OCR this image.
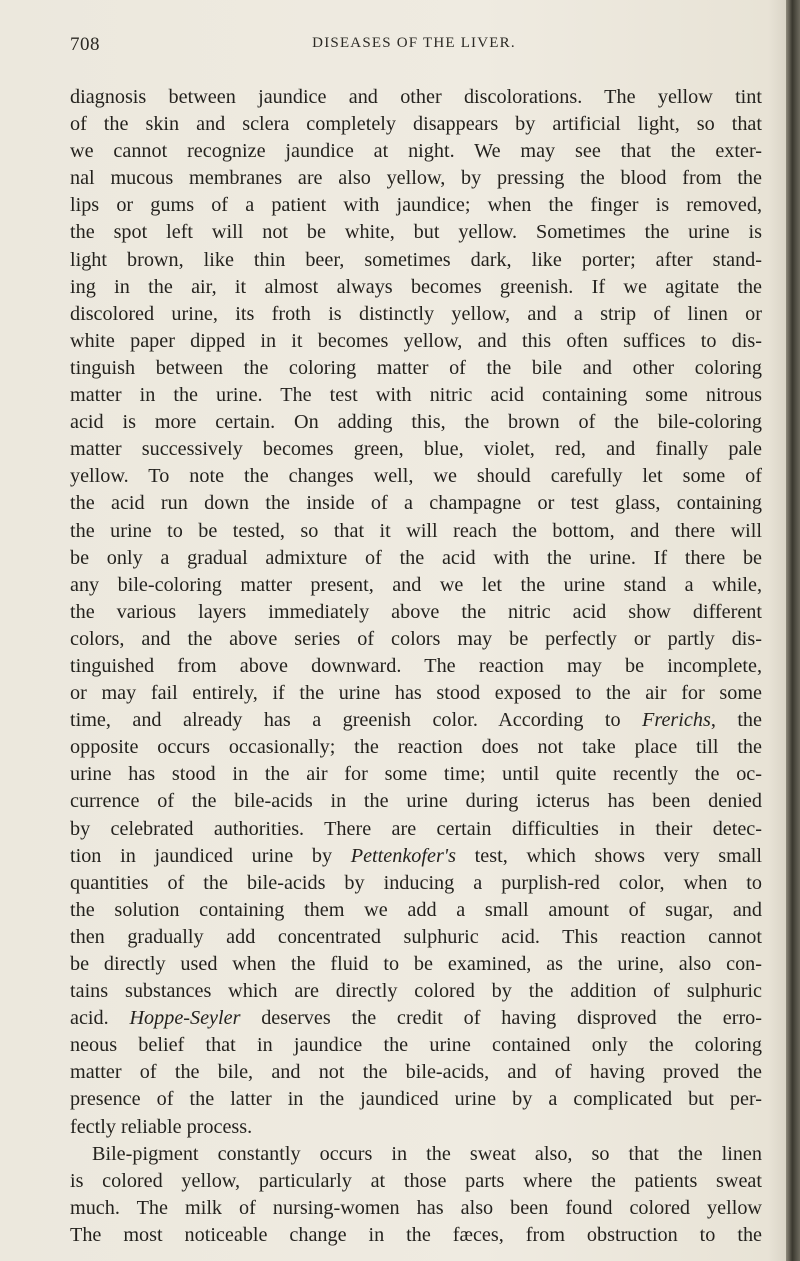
708	DISEASES OF THE LIVER.
diagnosis between jaundice and other discolorations. The yellow tint
of the skin and sclera completely disappears by artificial light, so that
we cannot recognize jaundice at night. We may see that the exter-
nal mucous membranes are also yellow, by pressing the blood from the
lips or gums of a patient with jaundice; when the finger is removed,
the spot left will not be white, but yellow. Sometimes the urine is
light brown, like thin beer, sometimes dark, like porter; after stand-
ing in the air, it almost always becomes greenish. If we agitate the
discolored urine, its froth is distinctly yellow, and a strip of linen or
white paper dipped in it becomes yellow, and this often suffices to dis-
tinguish between the coloring matter of the bile and other coloring
matter in the urine. The test with nitric acid containing some nitrous
acid is more certain. On adding this, the brown of the bile-coloring
matter successively becomes green, blue, violet, red, and finally pale
yellow. To note the changes well, we should carefully let some of
the acid run down the inside of a champagne or test glass, containing
the urine to be tested, so that it will reach the bottom, and there will
be only a gradual admixture of the acid with the urine. If there be
any bile-coloring matter present, and we let the urine stand a while,
the various layers immediately above the nitric acid show different
colors, and the above series of colors may be perfectly or partly dis-
tinguished from above downward. The reaction may be incomplete,
or may fail entirely, if the urine has stood exposed to the air for some
time, and already has a greenish color. According to Frerichs, the
opposite occurs occasionally; the reaction does not take place till the
urine has stood in the air for some time; until quite recently the oc-
currence of the bile-acids in the urine during icterus has been denied
by celebrated authorities. There are certain difficulties in their detec-
tion in jaundiced urine by Pettenkofer's test, which shows very small
quantities of the bile-acids by inducing a purplish-red color, when to
the solution containing them we add a small amount of sugar, and
then gradually add concentrated sulphuric acid. This reaction cannot
be directly used when the fluid to be examined, as the urine, also con-
tains substances which are directly colored by the addition of sulphuric
acid. Hoppe-Seyler deserves the credit of having disproved the erro-
neous belief that in jaundice the urine contained only the coloring
matter of the bile, and not the bile-acids, and of having proved the
presence of the latter in the jaundiced urine by a complicated but per-
fectly reliable process.
Bile-pigment constantly occurs in the sweat also, so that the linen
is colored yellow, particularly at those parts where the patients sweat
much. The milk of nursing-women has also been found colored yellow
The most noticeable change in the fæces, from obstruction to the
